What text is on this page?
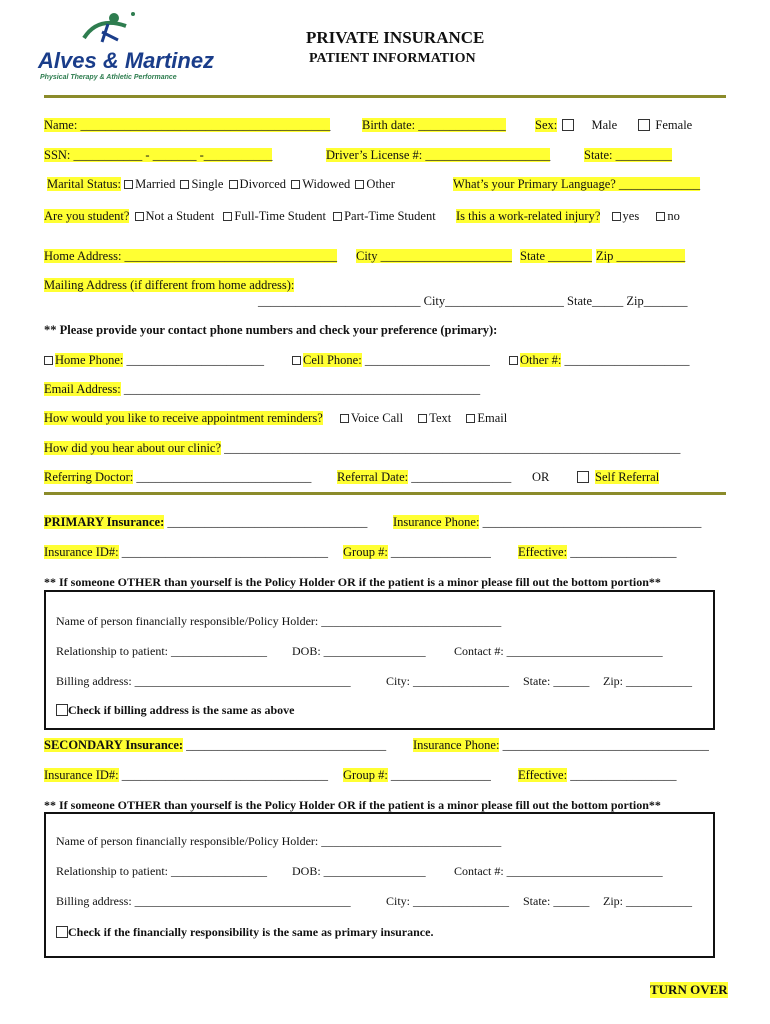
Alves & Martinez
Physical Therapy & Athletic Performance
PRIVATE INSURANCE
PATIENT INFORMATION
Name: ________________________________________	Birth date: ______________ Sex:	Male	Female
SSN: ___________ - _______ -___________	Driver’s License #: ____________________	State: _________
Marital Status: Married Single Divorced Widowed Other	What’s your Primary Language? _____________
Are you student? Not a Student Full-Time Student Part-Time Student Is this a work-related injury? yes no
Home Address: __________________________________ City _____________________ State _______ Zip ___________
Mailing Address (if different from home address):
__________________________ City___________________ State_____ Zip_______
** Please provide your contact phone numbers and check your preference (primary):
Home Phone: ______________________	Cell Phone: ____________________	Other #: ____________________
Email Address: _________________________________________________________
How would you like to receive appointment reminders? Voice Call Text Email
How did you hear about our clinic? _________________________________________________________________________
Referring Doctor: ____________________________ Referral Date: ________________ OR	Self Referral
PRIMARY Insurance: ________________________________ Insurance Phone: ___________________________________
Insurance ID#: _________________________________ Group #: ________________ Effective: _________________
** If someone OTHER than yourself is the Policy Holder OR if the patient is a minor please fill out the bottom portion**
Name of person financially responsible/Policy Holder: ______________________________
Relationship to patient: ________________ DOB: _________________ Contact #: __________________________
Billing address: ____________________________________	City: ________________ State: ______ Zip: ___________
Check if billing address is the same as above
SECONDARY Insurance: ________________________________ Insurance Phone: _________________________________
Insurance ID#: _________________________________ Group #: ________________ Effective: _________________
** If someone OTHER than yourself is the Policy Holder OR if the patient is a minor please fill out the bottom portion**
Name of person financially responsible/Policy Holder: ______________________________
Relationship to patient: ________________ DOB: _________________ Contact #: __________________________
Billing address: ____________________________________	City: ________________ State: ______ Zip: ___________
Check if the financially responsibility is the same as primary insurance.
TURN OVER
